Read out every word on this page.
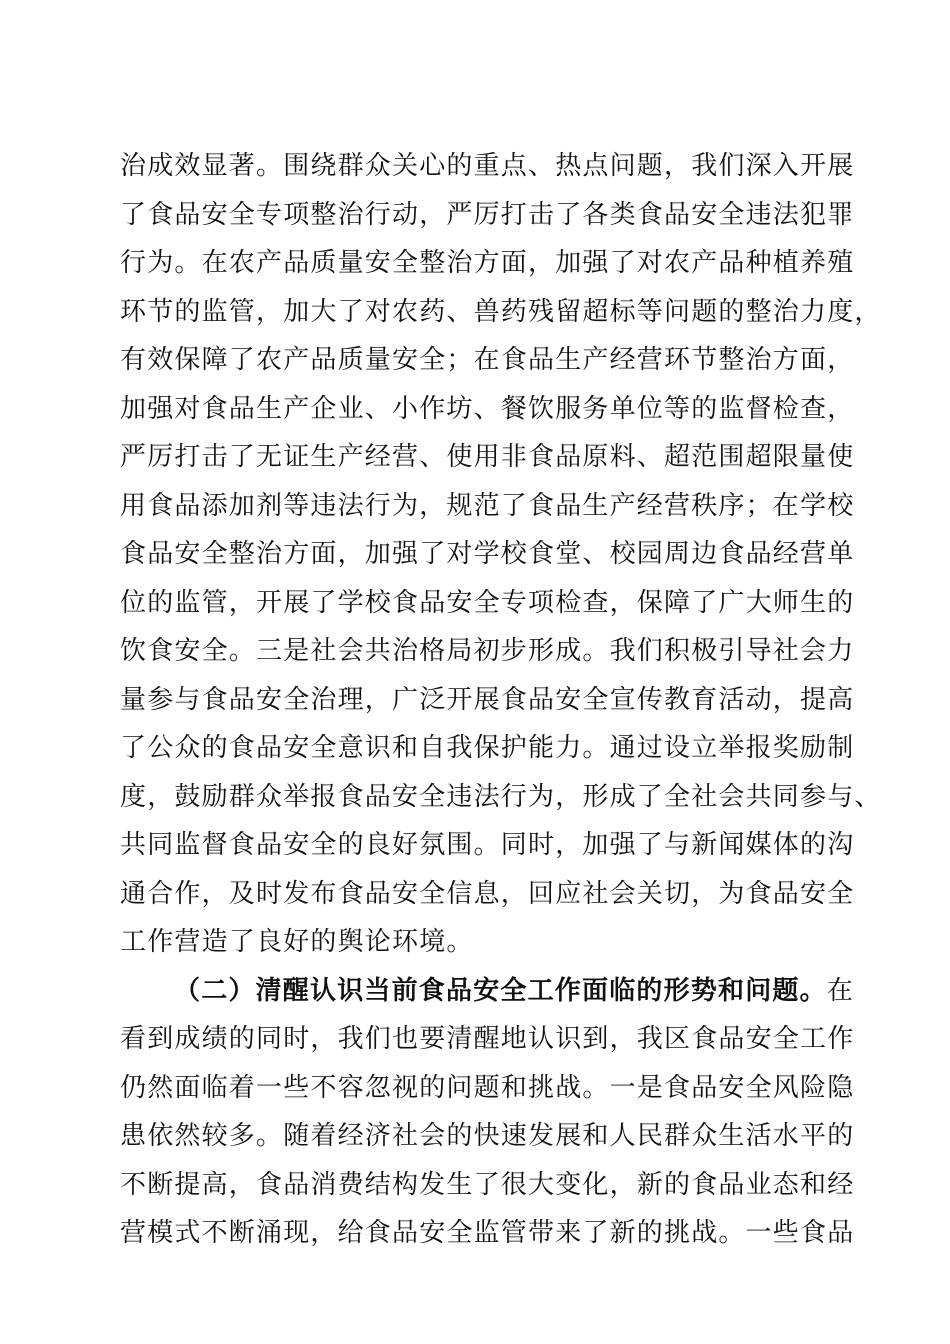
治成效显著。围绕群众关心的重点、热点问题，我们深入开展
了食品安全专项整治行动，严厉打击了各类食品安全违法犯罪
行为。在农产品质量安全整治方面，加强了对农产品种植养殖
环节的监管，加大了对农药、兽药残留超标等问题的整治力度，
有效保障了农产品质量安全；在食品生产经营环节整治方面，
加强对食品生产企业、小作坊、餐饮服务单位等的监督检查，
严厉打击了无证生产经营、使用非食品原料、超范围超限量使
用食品添加剂等违法行为，规范了食品生产经营秩序；在学校
食品安全整治方面，加强了对学校食堂、校园周边食品经营单
位的监管，开展了学校食品安全专项检查，保障了广大师生的
饮食安全。三是社会共治格局初步形成。我们积极引导社会力
量参与食品安全治理，广泛开展食品安全宣传教育活动，提高
了公众的食品安全意识和自我保护能力。通过设立举报奖励制
度，鼓励群众举报食品安全违法行为，形成了全社会共同参与、
共同监督食品安全的良好氛围。同时，加强了与新闻媒体的沟
通合作，及时发布食品安全信息，回应社会关切，为食品安全
工作营造了良好的舆论环境。
（二）清醒认识当前食品安全工作面临的形势和问题。在
看到成绩的同时，我们也要清醒地认识到，我区食品安全工作
仍然面临着一些不容忽视的问题和挑战。一是食品安全风险隐
患依然较多。随着经济社会的快速发展和人民群众生活水平的
不断提高，食品消费结构发生了很大变化，新的食品业态和经
营模式不断涌现，给食品安全监管带来了新的挑战。一些食品
